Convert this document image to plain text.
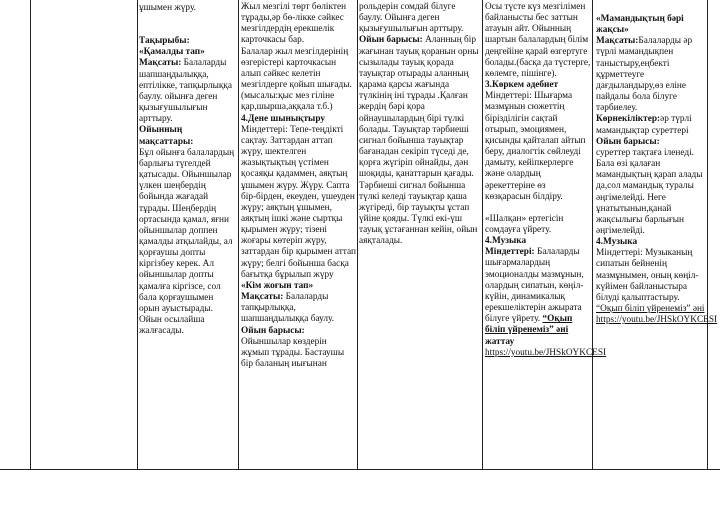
ұшымен жүру.

Тақырыбы:

«Қамалды тап»

Мақсаты: Балаларды шапшаңдылыққа, ептілікке, тапқырлыққа баулу. ойынға деген қызығушылығын арттыру.

Ойынның мақсаттары:

Бұл ойынға балалардың барлығы түгелдей қатысады. Ойыншылар үлкен шеңбердің бойында жағадай тұрады. Шеңбердің ортасында қамал, яғни ойыншылар доппен қамалды атқылайды, ал қорғаушы допты кіргізбеу керек. Ал ойыншылар допты қамалға кіргізсе, сол бала қорғаушымен орын ауыстырады. Ойын осылайша жалғасады.

Жыл мезгілі төрт бөліктен тұрады,әр бө-лікке сәйкес мезгілдердің ерекшелік карточкасы бар.
Балалар жыл мезгілдерінің өзгерістері карточкасын алып сәйкес келетін мезгілдерге қойып шығады.(мысалы:қыс мез гіліне қар,шырша,аққала т.б.)

4.Дене шынықтыру

Міндеттері: Тепе-теңдікті сақтау. Заттардан аттап жүру, шектелген жазықтықтың үстімен қосаяқы қадаммен, аяқтың ұшымен жүру. Жүру. Сапта бір-бірден, екеуден, үшеуден жүру; аяқтың ұшымен, аяқтың ішкі және сыртқы қырымен жүру; тізені жоғары көтеріп жүру, заттардан бір қырымен аттап жүру; белгі бойынша басқа бағытқа бұрылып жүру

«Кім жоғын тап»

Мақсаты: Балаларды тапқырлыққа, шапшаңдылыққа баулу.

Ойын барысы:

Ойыншылар көздерін жұмып тұрады. Бастаушы бір баланың иығынан

рольдерін сомдай білуге баулу. Ойынға деген қызығушылығын арттыру.

Ойын барысы: Аланның бір жағынан тауық қоранын орны сызылады тауық қорада тауықтар отырады аланның қарама қарсы жағында түлкінің іні тұрады .Қалған жердің бәрі қора ойнаушылардың бірі түлкі болады. Тауықтар тәрбиеші сигнал бойынша тауықтар бағанадан секіріп түседі де, қорға жүгіріп ойнайды, дән шоқиды, қанаттарын қағады. Тәрбиеші сигнал бойынша түлкі келеді тауықтар қаша жүгіреді, бір тауықты ұстап үйіне қояды. Түлкі екі-үш тауық ұстағаннан кейін, ойын аяқталады.

Осы түсте күз мезгілімен байланысты бес заттын атауын айт. Ойынның шартын балалардың білім деңгейіне қарай өзгертуге болады.(басқа да түстерге, көлемге, пішінге).

3.Көркем әдебиет

Міндеттері: Шығарма мазмұнын сюжеттің бірізділігін сақтай отырып, эмоциямен, қисынды қайталап айтып беру, диалогтік сөйлеуді дамыту, кейіпкерлерге және олардың әрекеттеріне өз көзқарасын білдіру.

«Шалқан» ертегісін сомдауға үйрету.

4.Музыка

Міндеттері: Балаларды шығармалардың эмоционалды мазмұнын, олардың сипатын, көңіл-күйін, динамикалық ерекшеліктерін ажырата білуге үйрету. “Оқып біліп үйренеміз” әні жаттау

https://youtu.be/JHSkOYKCESI

«Мамандықтың бәрі жақсы»

Мақсаты:Балаларды әр түрлі мамандықпен таныстыру,еңбекті құрметтеуге дағдыландыру,өз еліне пайдалы бола білуге тәрбиелеу.

Көрнекіліктер:әр түрлі мамандықтар суреттері

Ойын барысы:

суреттер тақтаға іленеді. Бала өзі қалаған мамандықтың қарап алады да,сол мамандық туралы әңгімелейді. Неге ұнатытынын,қанай жақсылығы барлығын әңгімелейді.

4.Музыка

Міндеттері: Музыканың сипатын бейненің мазмұнымен, оның көңіл-күйімен байланыстыра білуді қалыптастыру.

“Оқып біліп үйренеміз” әні

https://youtu.be/JHSkOYKCESI
